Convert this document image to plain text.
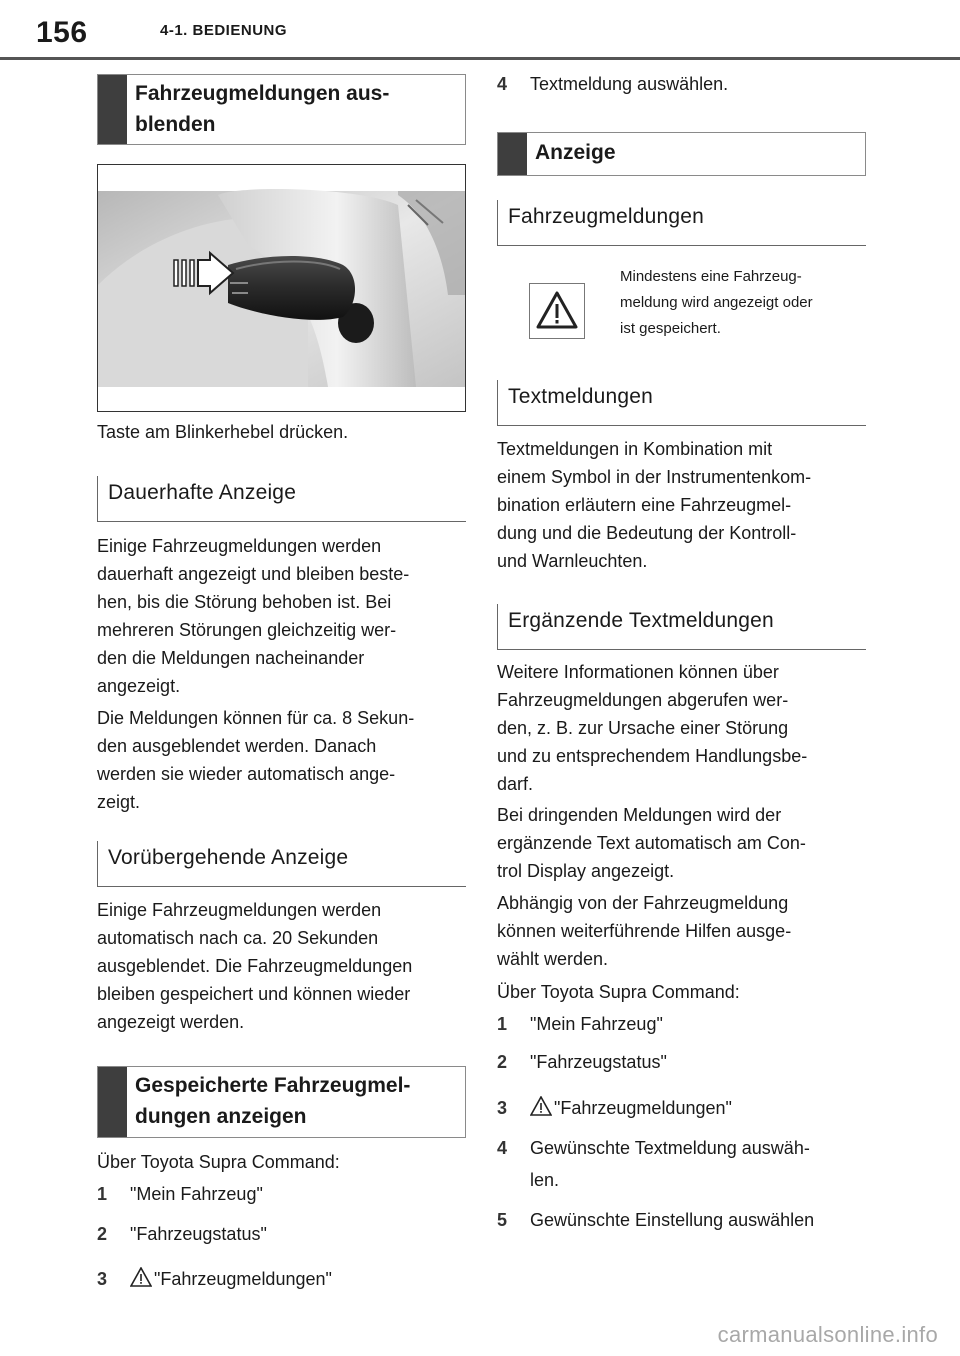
156	4-1. BEDIENUNG
Fahrzeugmeldungen aus-
blenden
Taste am Blinkerhebel drücken.
Dauerhafte Anzeige
Einige Fahrzeugmeldungen werden
dauerhaft angezeigt und bleiben beste-
hen, bis die Störung behoben ist. Bei
mehreren Störungen gleichzeitig wer-
den die Meldungen nacheinander
angezeigt.
Die Meldungen können für ca. 8 Sekun-
den ausgeblendet werden. Danach
werden sie wieder automatisch ange-
zeigt.
Vorübergehende Anzeige
Einige Fahrzeugmeldungen werden
automatisch nach ca. 20 Sekunden
ausgeblendet. Die Fahrzeugmeldungen
bleiben gespeichert und können wieder
angezeigt werden.
Gespeicherte Fahrzeugmel-
dungen anzeigen
Über Toyota Supra Command:
1 "Mein Fahrzeug"
2 "Fahrzeugstatus"
3	"Fahrzeugmeldungen"
4 Textmeldung auswählen.
Anzeige
Fahrzeugmeldungen
Mindestens eine Fahrzeug-
meldung wird angezeigt oder
ist gespeichert.
Textmeldungen
Textmeldungen in Kombination mit
einem Symbol in der Instrumentenkom-
bination erläutern eine Fahrzeugmel-
dung und die Bedeutung der Kontroll-
und Warnleuchten.
Ergänzende Textmeldungen
Weitere Informationen können über
Fahrzeugmeldungen abgerufen wer-
den, z. B. zur Ursache einer Störung
und zu entsprechendem Handlungsbe-
darf.
Bei dringenden Meldungen wird der
ergänzende Text automatisch am Con-
trol Display angezeigt.
Abhängig von der Fahrzeugmeldung
können weiterführende Hilfen ausge-
wählt werden.
Über Toyota Supra Command:
1 "Mein Fahrzeug"
2 "Fahrzeugstatus"
3	"Fahrzeugmeldungen"
4 Gewünschte Textmeldung auswäh-
len.
5 Gewünschte Einstellung auswählen
carmanualsonline.info
